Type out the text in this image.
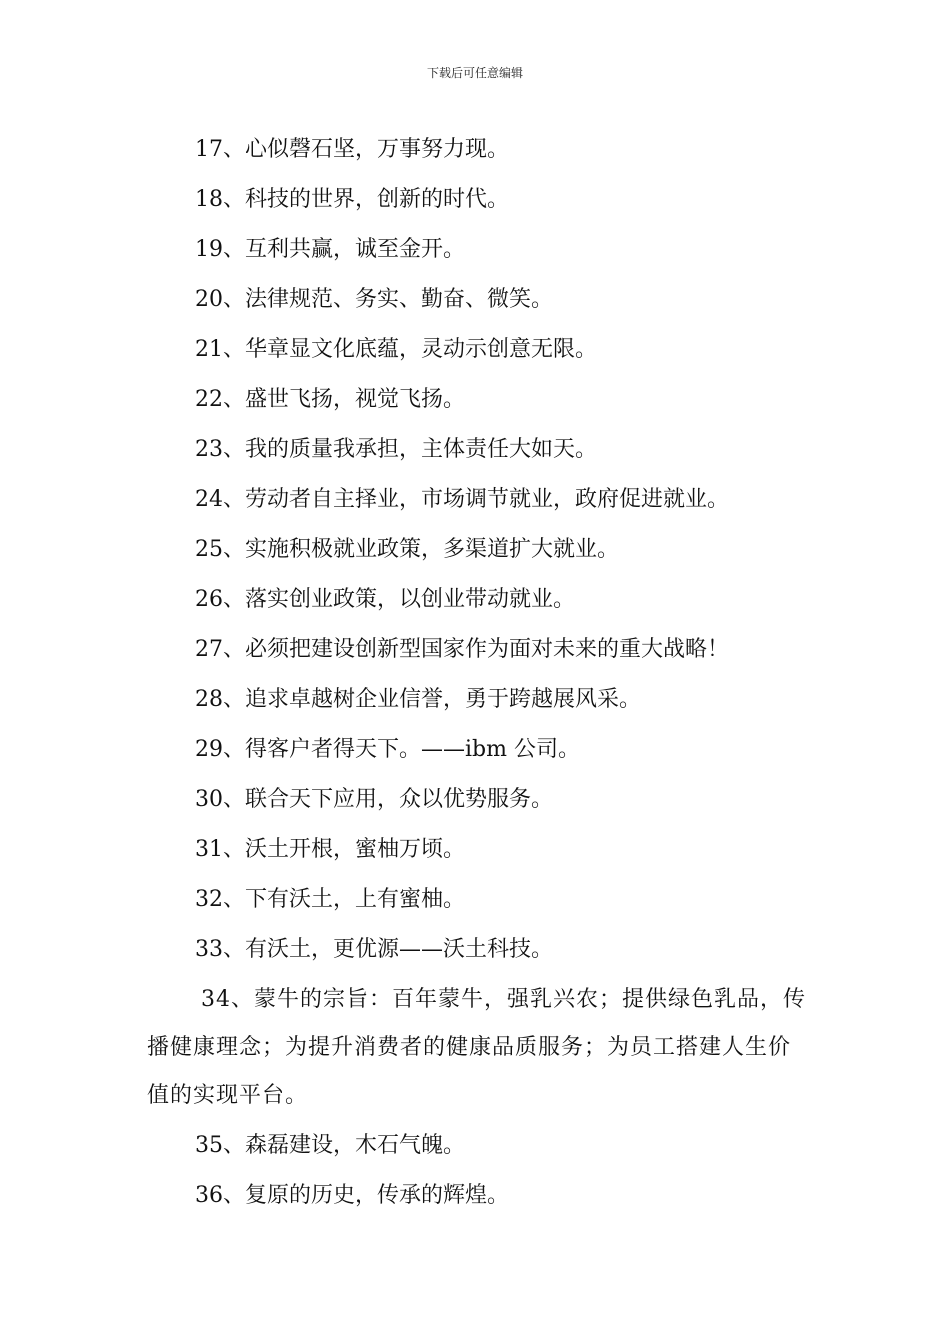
下载后可任意编辑
17、心似磬石坚，万事努力现。
18、科技的世界，创新的时代。
19、互利共赢，诚至金开。
20、法律规范、务实、勤奋、微笑。
21、华章显文化底蕴，灵动示创意无限。
22、盛世飞扬，视觉飞扬。
23、我的质量我承担，主体责任大如天。
24、劳动者自主择业，市场调节就业，政府促进就业。
25、实施积极就业政策，多渠道扩大就业。
26、落实创业政策，以创业带动就业。
27、必须把建设创新型国家作为面对未来的重大战略！
28、追求卓越树企业信誉，勇于跨越展风采。
29、得客户者得天下。——ibm 公司。
30、联合天下应用，众以优势服务。
31、沃土开根，蜜柚万顷。
32、下有沃土，上有蜜柚。
33、有沃土，更优源——沃土科技。
34、蒙牛的宗旨：百年蒙牛，强乳兴农；提供绿色乳品，传播健康理念；为提升消费者的健康品质服务；为员工搭建人生价值的实现平台。
35、森磊建设，木石气魄。
36、复原的历史，传承的辉煌。
